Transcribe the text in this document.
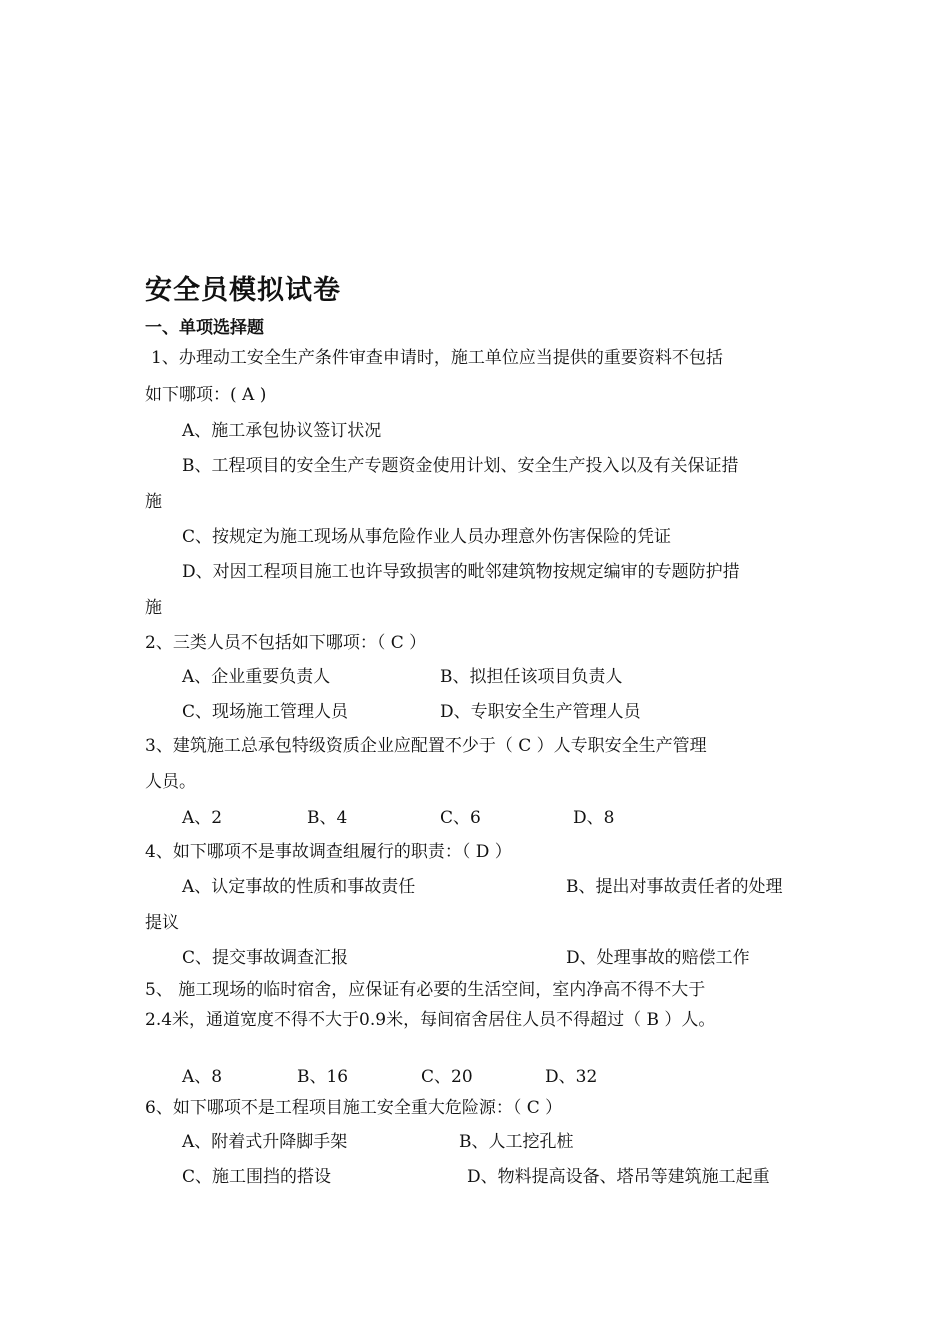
安全员模拟试卷
一、单项选择题
1、办理动工安全生产条件审查申请时，施工单位应当提供的重要资料不包括
如下哪项：( A )
A、施工承包协议签订状况
B、工程项目的安全生产专题资金使用计划、安全生产投入以及有关保证措
施
C、按规定为施工现场从事危险作业人员办理意外伤害保险的凭证
D、对因工程项目施工也许导致损害的毗邻建筑物按规定编审的专题防护措
施
2、三类人员不包括如下哪项：（ C ）
A、企业重要负责人	B、拟担任该项目负责人
C、现场施工管理人员	D、专职安全生产管理人员
3、建筑施工总承包特级资质企业应配置不少于（ C ）人专职安全生产管理
人员。
A、2	B、4	C、6	D、8
4、如下哪项不是事故调查组履行的职责：（ D ）
A、认定事故的性质和事故责任	B、提出对事故责任者的处理
提议
C、提交事故调查汇报	D、处理事故的赔偿工作
5、 施工现场的临时宿舍，应保证有必要的生活空间，室内净高不得不大于
2.4米，通道宽度不得不大于0.9米，每间宿舍居住人员不得超过（ B ）人。
A、8	B、16	C、20	D、32
6、如下哪项不是工程项目施工安全重大危险源：（ C ）
A、附着式升降脚手架	B、人工挖孔桩
C、施工围挡的搭设	D、物料提高设备、塔吊等建筑施工起重
